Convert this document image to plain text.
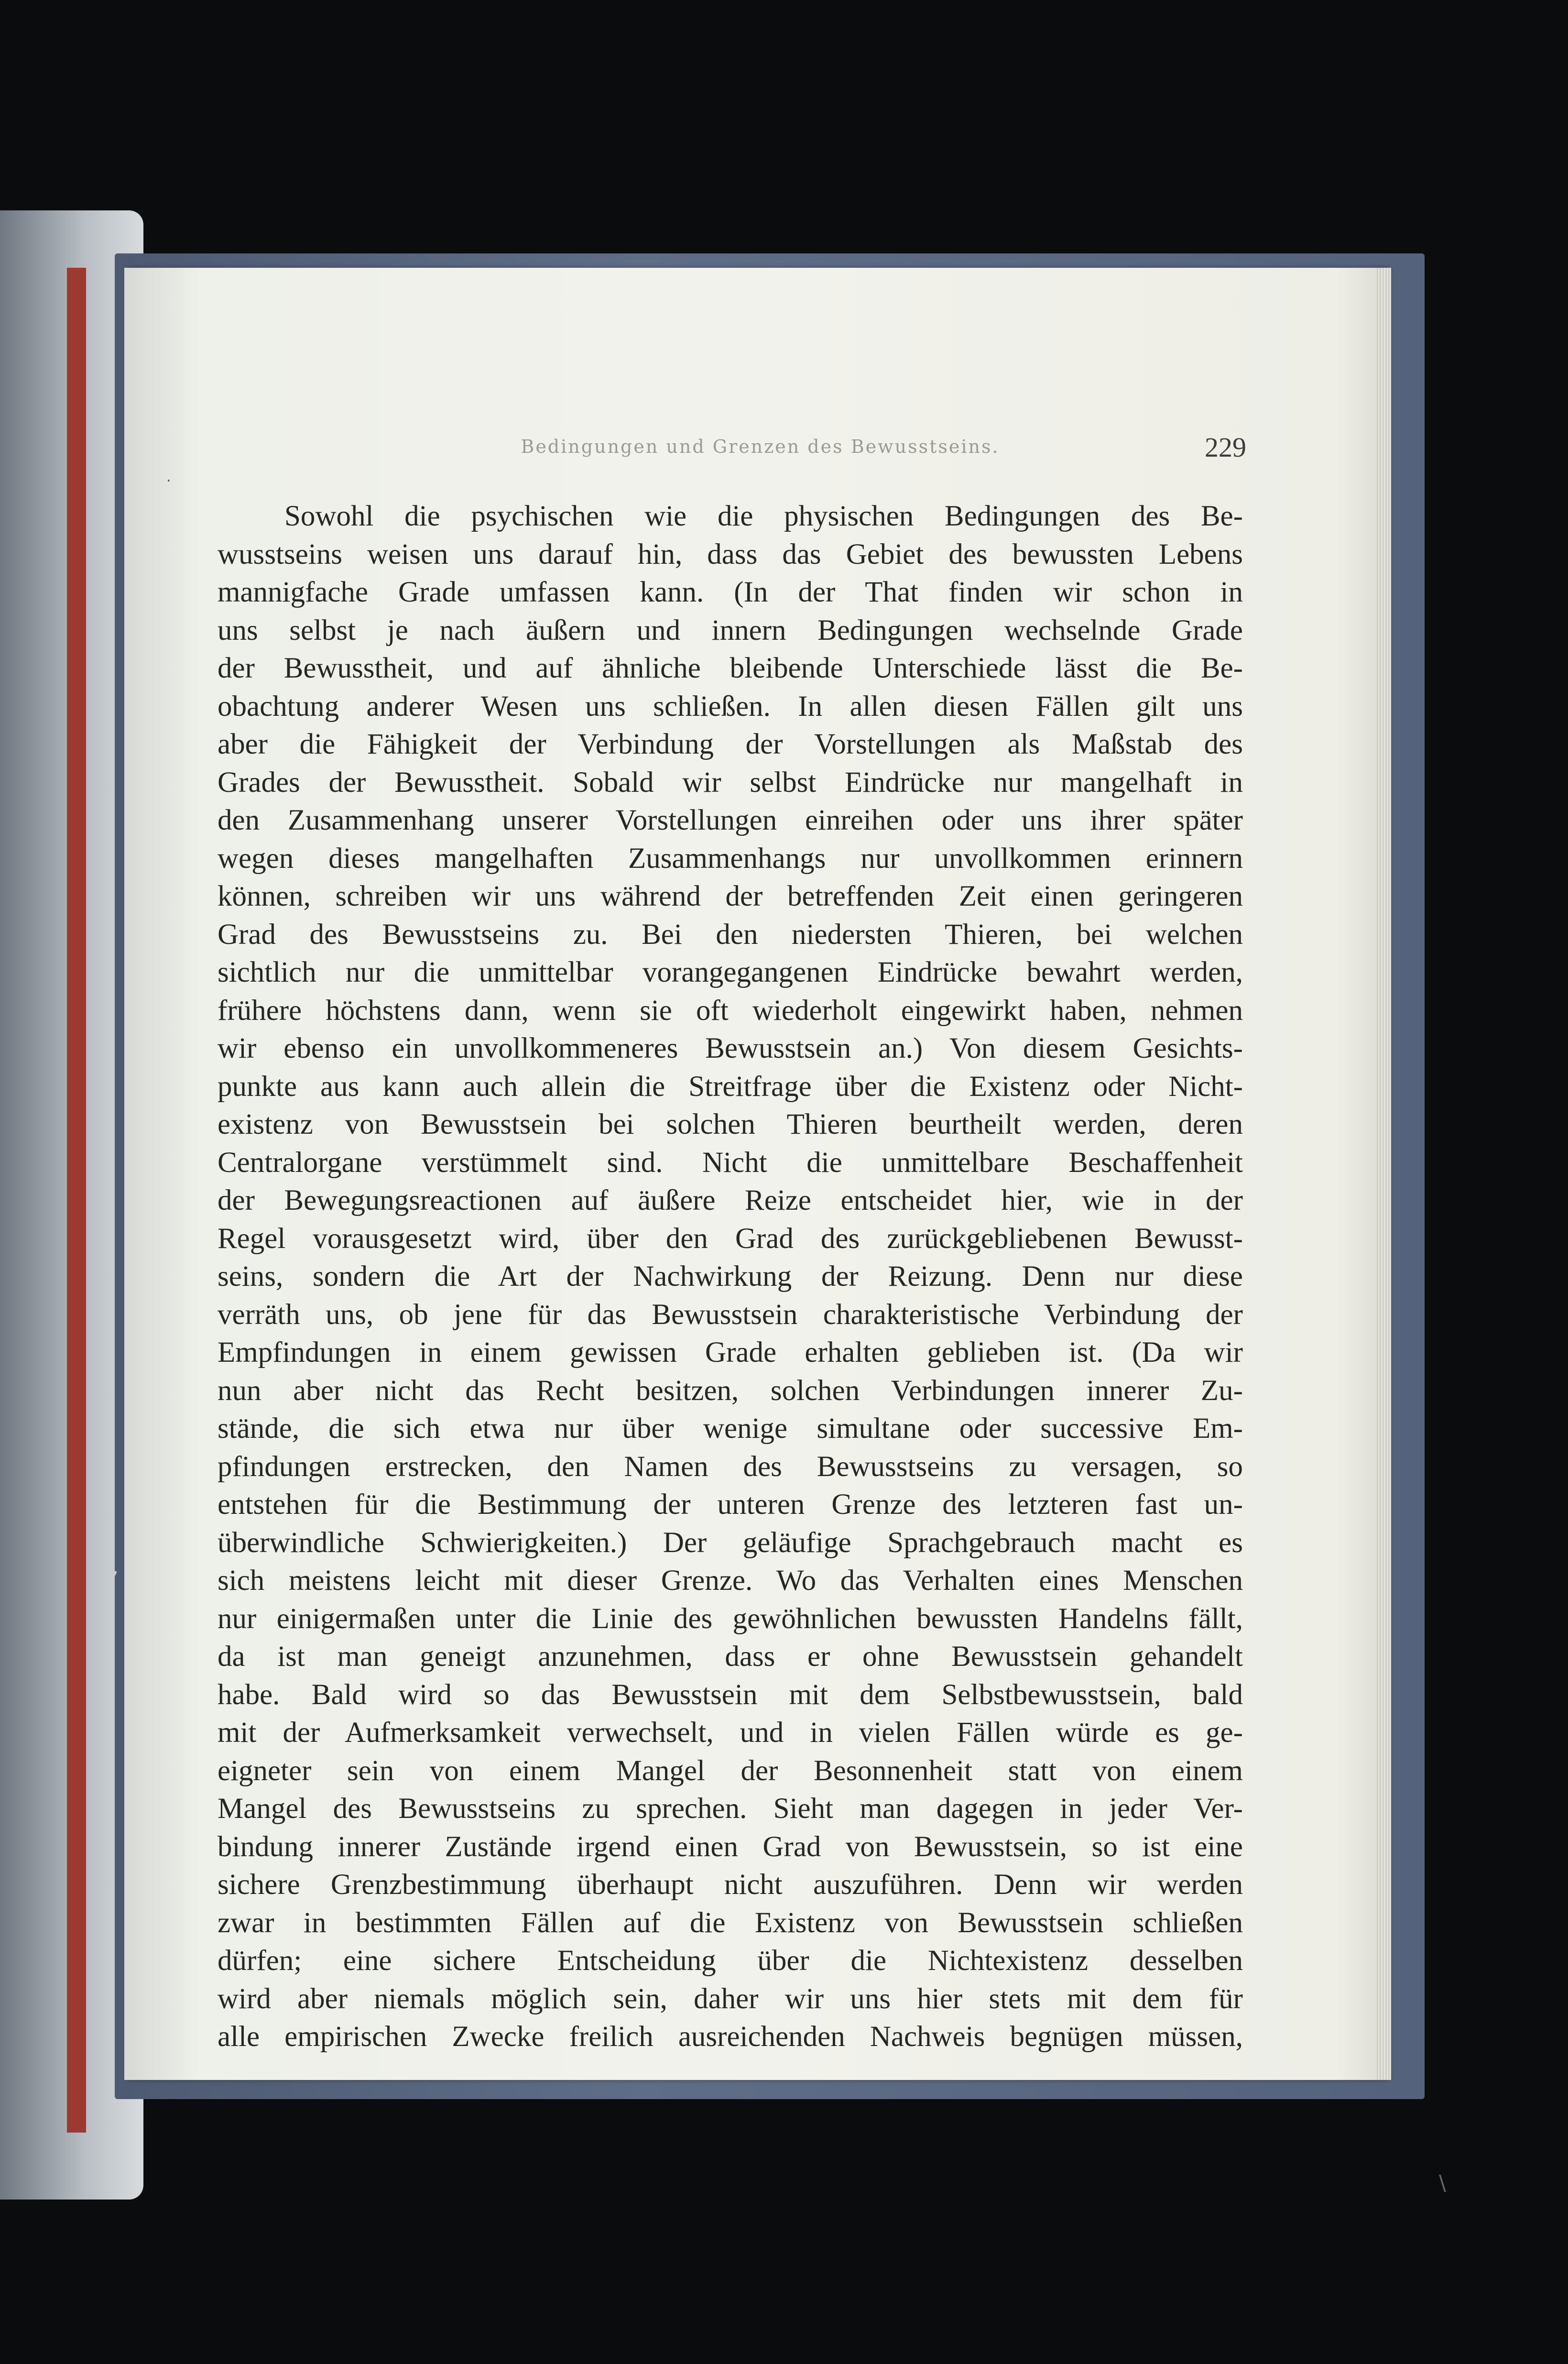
Bedingungen und Grenzen des Bewusstseins.	229
.
,
\
Sowohl die psychischen wie die physischen Bedingungen des Be-
wusstseins weisen uns darauf hin, dass das Gebiet des bewussten Lebens
mannigfache Grade umfassen kann. (In der That finden wir schon in
uns selbst je nach äußern und innern Bedingungen wechselnde Grade
der Bewusstheit, und auf ähnliche bleibende Unterschiede lässt die Be-
obachtung anderer Wesen uns schließen. In allen diesen Fällen gilt uns
aber die Fähigkeit der Verbindung der Vorstellungen als Maßstab des
Grades der Bewusstheit. Sobald wir selbst Eindrücke nur mangelhaft in
den Zusammenhang unserer Vorstellungen einreihen oder uns ihrer später
wegen dieses mangelhaften Zusammenhangs nur unvollkommen erinnern
können, schreiben wir uns während der betreffenden Zeit einen geringeren
Grad des Bewusstseins zu. Bei den niedersten Thieren, bei welchen
sichtlich nur die unmittelbar vorangegangenen Eindrücke bewahrt werden,
frühere höchstens dann, wenn sie oft wiederholt eingewirkt haben, nehmen
wir ebenso ein unvollkommeneres Bewusstsein an.) Von diesem Gesichts-
punkte aus kann auch allein die Streitfrage über die Existenz oder Nicht-
existenz von Bewusstsein bei solchen Thieren beurtheilt werden, deren
Centralorgane verstümmelt sind. Nicht die unmittelbare Beschaffenheit
der Bewegungsreactionen auf äußere Reize entscheidet hier, wie in der
Regel vorausgesetzt wird, über den Grad des zurückgebliebenen Bewusst-
seins, sondern die Art der Nachwirkung der Reizung. Denn nur diese
verräth uns, ob jene für das Bewusstsein charakteristische Verbindung der
Empfindungen in einem gewissen Grade erhalten geblieben ist. (Da wir
nun aber nicht das Recht besitzen, solchen Verbindungen innerer Zu-
stände, die sich etwa nur über wenige simultane oder successive Em-
pfindungen erstrecken, den Namen des Bewusstseins zu versagen, so
entstehen für die Bestimmung der unteren Grenze des letzteren fast un-
überwindliche Schwierigkeiten.) Der geläufige Sprachgebrauch macht es
sich meistens leicht mit dieser Grenze. Wo das Verhalten eines Menschen
nur einigermaßen unter die Linie des gewöhnlichen bewussten Handelns fällt,
da ist man geneigt anzunehmen, dass er ohne Bewusstsein gehandelt
habe. Bald wird so das Bewusstsein mit dem Selbstbewusstsein, bald
mit der Aufmerksamkeit verwechselt, und in vielen Fällen würde es ge-
eigneter sein von einem Mangel der Besonnenheit statt von einem
Mangel des Bewusstseins zu sprechen. Sieht man dagegen in jeder Ver-
bindung innerer Zustände irgend einen Grad von Bewusstsein, so ist eine
sichere Grenzbestimmung überhaupt nicht auszuführen. Denn wir werden
zwar in bestimmten Fällen auf die Existenz von Bewusstsein schließen
dürfen; eine sichere Entscheidung über die Nichtexistenz desselben
wird aber niemals möglich sein, daher wir uns hier stets mit dem für
alle empirischen Zwecke freilich ausreichenden Nachweis begnügen müssen,
